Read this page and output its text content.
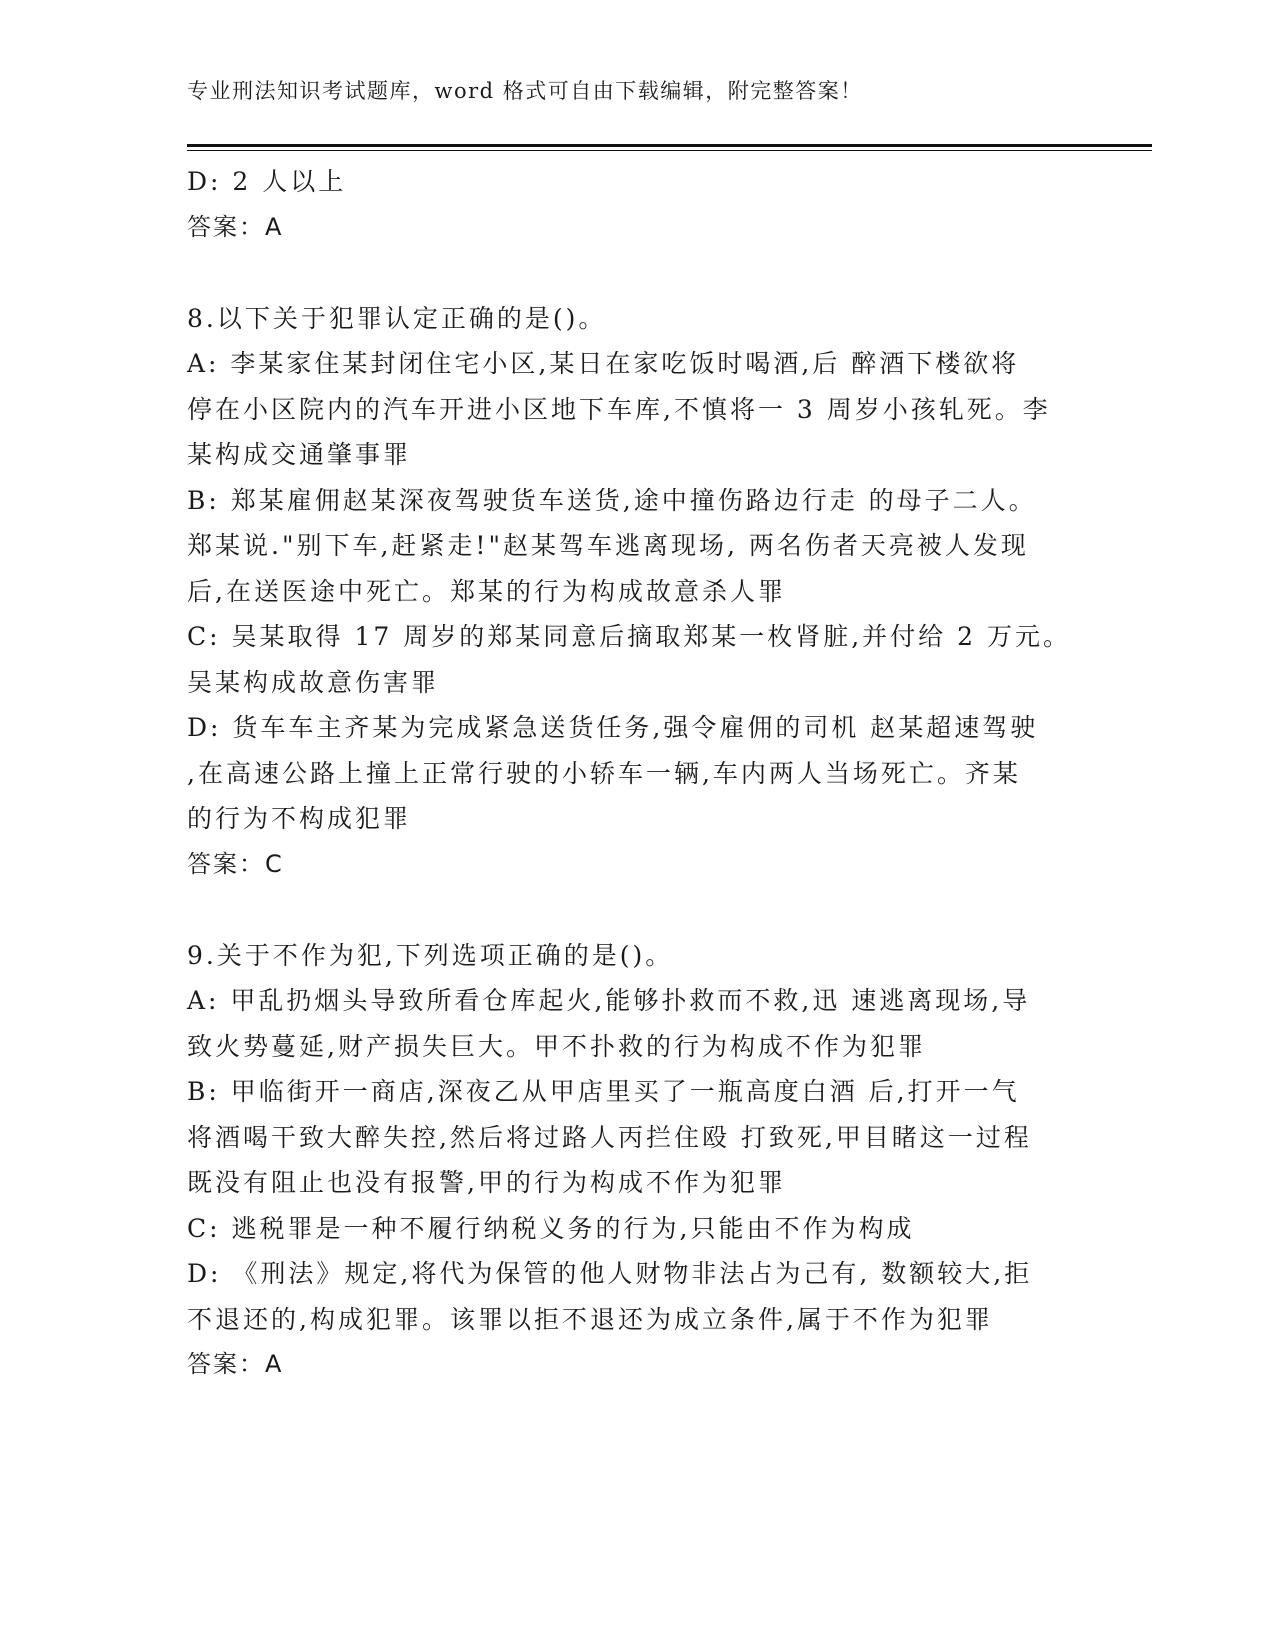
专业刑法知识考试题库，word 格式可自由下载编辑，附完整答案！
D: 2 人以上
答案：A
8.以下关于犯罪认定正确的是()。
A: 李某家住某封闭住宅小区,某日在家吃饭时喝酒,后 醉酒下楼欲将
停在小区院内的汽车开进小区地下车库,不慎将一 3 周岁小孩轧死。李
某构成交通肇事罪
B: 郑某雇佣赵某深夜驾驶货车送货,途中撞伤路边行走 的母子二人。
郑某说."别下车,赶紧走!"赵某驾车逃离现场, 两名伤者天亮被人发现
后,在送医途中死亡。郑某的行为构成故意杀人罪
C: 吴某取得 17 周岁的郑某同意后摘取郑某一枚肾脏,并付给 2 万元。
吴某构成故意伤害罪
D: 货车车主齐某为完成紧急送货任务,强令雇佣的司机 赵某超速驾驶
,在高速公路上撞上正常行驶的小轿车一辆,车内两人当场死亡。齐某
的行为不构成犯罪
答案：C
9.关于不作为犯,下列选项正确的是()。
A: 甲乱扔烟头导致所看仓库起火,能够扑救而不救,迅 速逃离现场,导
致火势蔓延,财产损失巨大。甲不扑救的行为构成不作为犯罪
B: 甲临街开一商店,深夜乙从甲店里买了一瓶高度白酒 后,打开一气
将酒喝干致大醉失控,然后将过路人丙拦住殴 打致死,甲目睹这一过程
既没有阻止也没有报警,甲的行为构成不作为犯罪
C: 逃税罪是一种不履行纳税义务的行为,只能由不作为构成
D: 《刑法》规定,将代为保管的他人财物非法占为己有, 数额较大,拒
不退还的,构成犯罪。该罪以拒不退还为成立条件,属于不作为犯罪
答案：A
